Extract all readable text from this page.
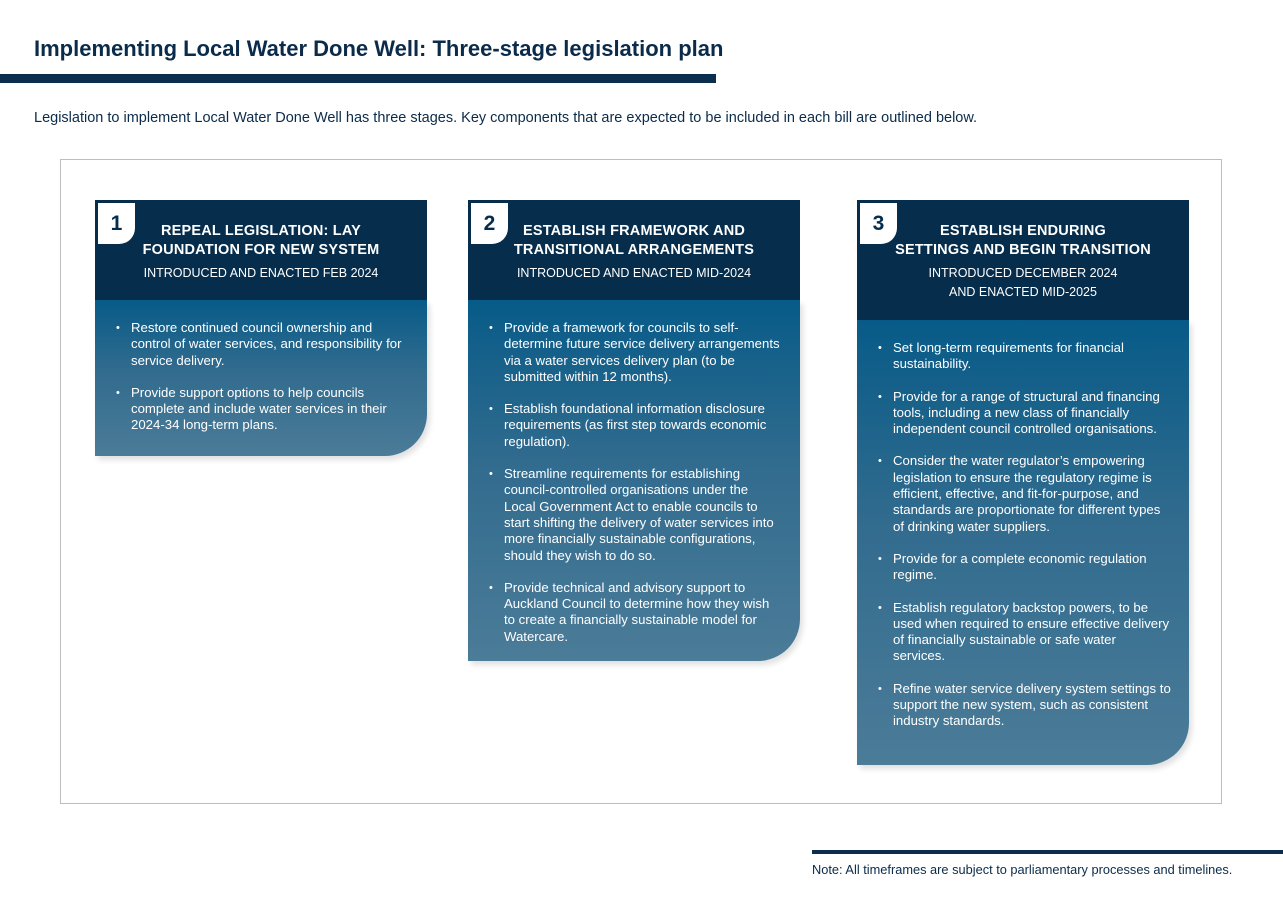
Implementing Local Water Done Well: Three-stage legislation plan

Legislation to implement Local Water Done Well has three stages. Key components that are expected to be included in each bill are outlined below.

1	REPEAL LEGISLATION: LAY
FOUNDATION FOR NEW SYSTEM
INTRODUCED AND ENACTED FEB 2024
• Restore continued council ownership and control of water services, and responsibility for service delivery.
• Provide support options to help councils complete and include water services in their 2024-34 long-term plans.
2	ESTABLISH FRAMEWORK AND
TRANSITIONAL ARRANGEMENTS
INTRODUCED AND ENACTED MID-2024
• Provide a framework for councils to self-determine future service delivery arrangements via a water services delivery plan (to be submitted within 12 months).
• Establish foundational information disclosure requirements (as first step towards economic regulation).
• Streamline requirements for establishing council-controlled organisations under the Local Government Act to enable councils to start shifting the delivery of water services into more financially sustainable configurations, should they wish to do so.
• Provide technical and advisory support to Auckland Council to determine how they wish to create a financially sustainable model for Watercare.
3	ESTABLISH ENDURING
SETTINGS AND BEGIN TRANSITION
INTRODUCED DECEMBER 2024
AND ENACTED MID-2025
• Set long-term requirements for financial sustainability.
• Provide for a range of structural and financing tools, including a new class of financially independent council controlled organisations.
• Consider the water regulator’s empowering legislation to ensure the regulatory regime is efficient, effective, and fit-for-purpose, and standards are proportionate for different types of drinking water suppliers.
• Provide for a complete economic regulation regime.
• Establish regulatory backstop powers, to be used when required to ensure effective delivery of financially sustainable or safe water services.
• Refine water service delivery system settings to support the new system, such as consistent industry standards.

Note: All timeframes are subject to parliamentary processes and timelines.
